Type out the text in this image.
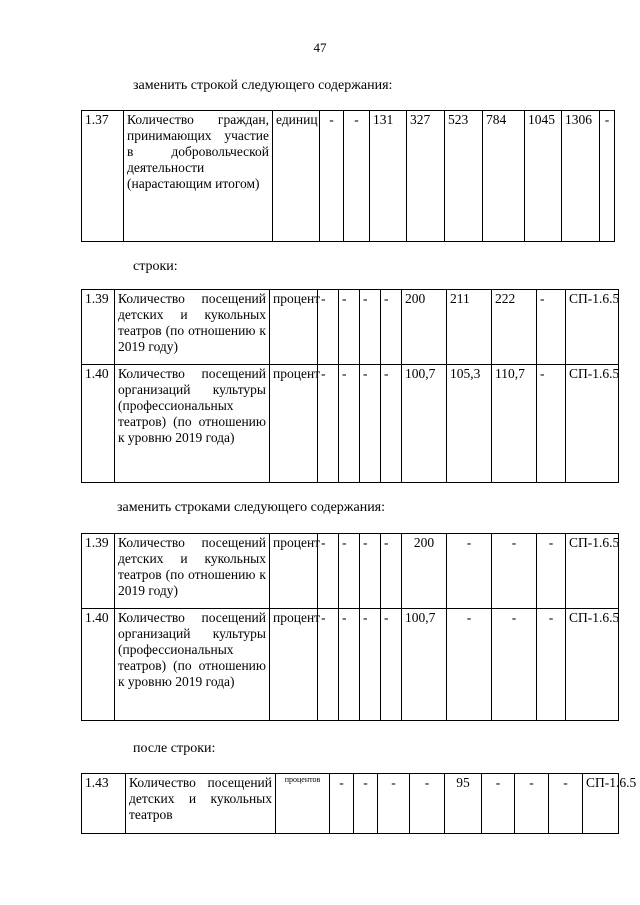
47
заменить строкой следующего содержания:
1.37	Количество граждан, принимающих участие в добровольческой деятельности (нарастающим итогом)	единиц	-	-	131	327	523	784	1045	1306	-
строки:
1.39	Количество посещений детских и кукольных театров (по отношению к 2019 году)	процент	-	-	-	-	200	211	222	-	СП-1.6.5
1.40	Количество посещений организаций культуры (профессиональных театров) (по отношению к уровню 2019 года)	процент	-	-	-	-	100,7	105,3	110,7	-	СП-1.6.5
заменить строками следующего содержания:
1.39	Количество посещений детских и кукольных театров (по отношению к 2019 году)	процент	-	-	-	-	200	-	-	-	СП-1.6.5
1.40	Количество посещений организаций культуры (профессиональных театров) (по отношению к уровню 2019 года)	процент	-	-	-	-	100,7	-	-	-	СП-1.6.5
после строки:
1.43	Количество посещений детских и кукольных театров	процентов	-	-	-	-	95	-	-	-	СП-1.6.5
